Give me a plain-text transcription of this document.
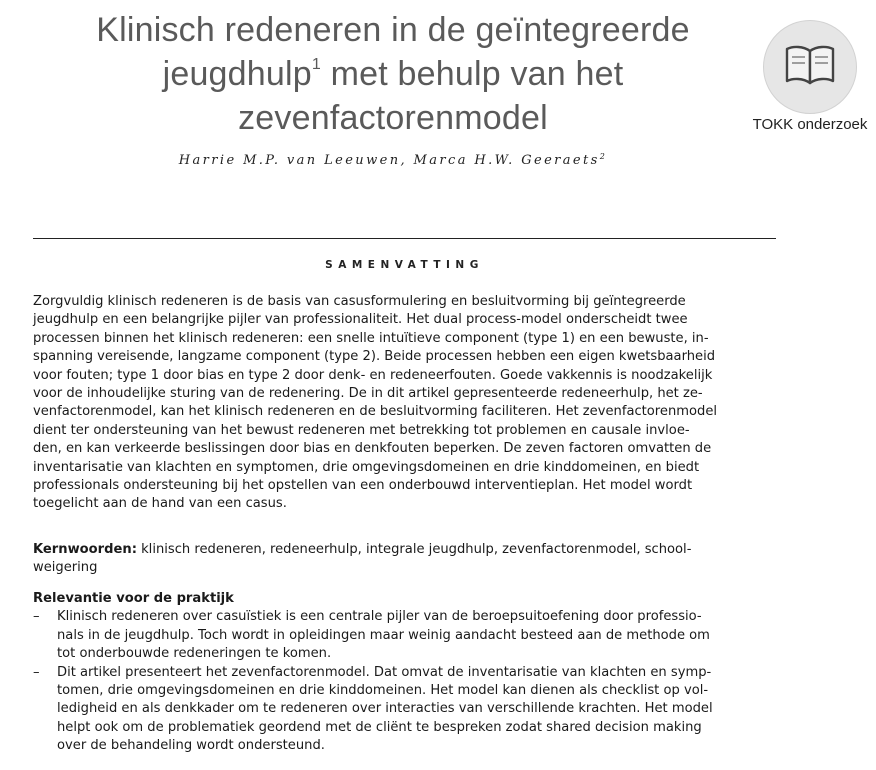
Klinisch redeneren in de geïntegreerde
jeugdhulp$^1$ met behulp van het
zevenfactorenmodel
Harrie M.P. van Leeuwen, Marca H.W. Geeraets$^2$
TOKK onderzoek
SAMENVATTING
Zorgvuldig klinisch redeneren is de basis van casusformulering en besluitvorming bij geïntegreerde
jeugdhulp en een belangrijke pijler van professionaliteit. Het dual process-model onderscheidt twee
processen binnen het klinisch redeneren: een snelle intuïtieve component (type 1) en een bewuste, in-
spanning vereisende, langzame component (type 2). Beide processen hebben een eigen kwetsbaarheid
voor fouten; type 1 door bias en type 2 door denk- en redeneerfouten. Goede vakkennis is noodzakelijk
voor de inhoudelijke sturing van de redenering. De in dit artikel gepresenteerde redeneerhulp, het ze-
venfactorenmodel, kan het klinisch redeneren en de besluitvorming faciliteren. Het zevenfactorenmodel
dient ter ondersteuning van het bewust redeneren met betrekking tot problemen en causale invloe-
den, en kan verkeerde beslissingen door bias en denkfouten beperken. De zeven factoren omvatten de
inventarisatie van klachten en symptomen, drie omgevingsdomeinen en drie kinddomeinen, en biedt
professionals ondersteuning bij het opstellen van een onderbouwd interventieplan. Het model wordt
toegelicht aan de hand van een casus.
Kernwoorden: klinisch redeneren, redeneerhulp, integrale jeugdhulp, zevenfactorenmodel, school-
weigering
Relevantie voor de praktijk
– Klinisch redeneren over casuïstiek is een centrale pijler van de beroepsuitoefening door professio-
nals in de jeugdhulp. Toch wordt in opleidingen maar weinig aandacht besteed aan de methode om
tot onderbouwde redeneringen te komen.
– Dit artikel presenteert het zevenfactorenmodel. Dat omvat de inventarisatie van klachten en symp-
tomen, drie omgevingsdomeinen en drie kinddomeinen. Het model kan dienen als checklist op vol-
ledigheid en als denkkader om te redeneren over interacties van verschillende krachten. Het model
helpt ook om de problematiek geordend met de cliënt te bespreken zodat shared decision making
over de behandeling wordt ondersteund.
